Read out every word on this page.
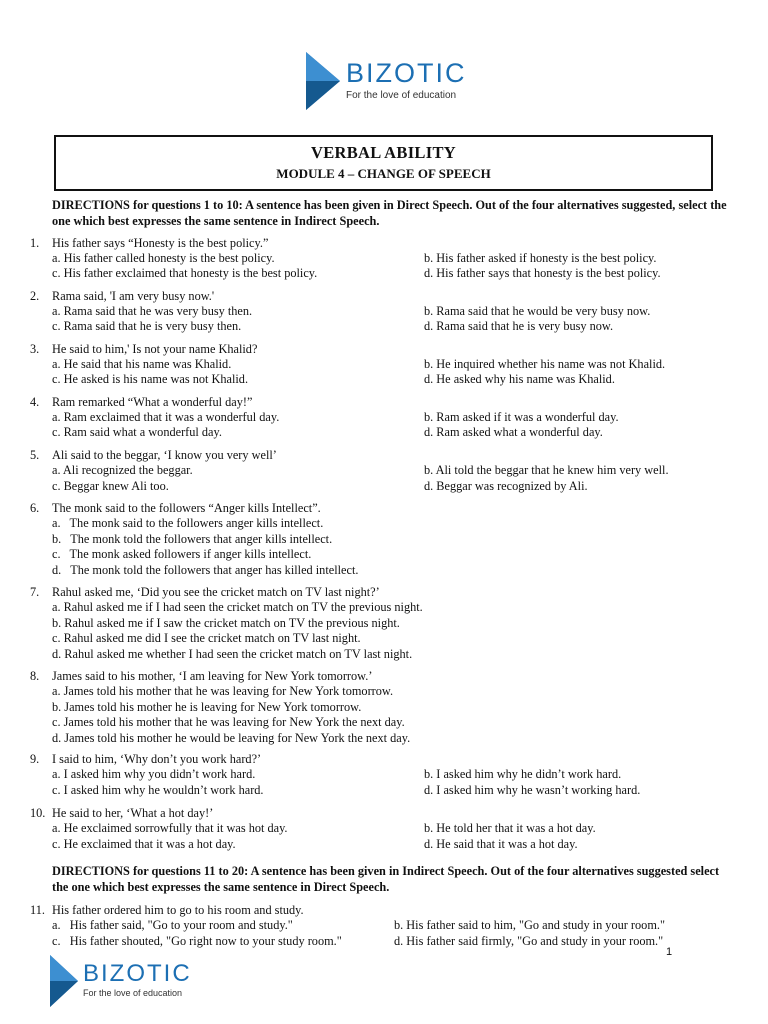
BIZOTIC
For the love of education
VERBAL ABILITY
MODULE 4 – CHANGE OF SPEECH
DIRECTIONS for questions 1 to 10: A sentence has been given in Direct Speech. Out of the four alternatives suggested, select the one which best expresses the same sentence in Indirect Speech.
1.	His father says “Honesty is the best policy.”
a. His father called honesty is the best policy.	b. His father asked if honesty is the best policy.
c. His father exclaimed that honesty is the best policy.	d. His father says that honesty is the best policy.
2.	Rama said, 'I am very busy now.'
a. Rama said that he was very busy then.	b. Rama said that he would be very busy now.
c. Rama said that he is very busy then.	d. Rama said that he is very busy now.
3.	He said to him,' Is not your name Khalid?
a. He said that his name was Khalid.	b. He inquired whether his name was not Khalid.
c. He asked is his name was not Khalid.	d. He asked why his name was Khalid.
4.	Ram remarked “What a wonderful day!”
a. Ram exclaimed that it was a wonderful day.	b. Ram asked if it was a wonderful day.
c. Ram said what a wonderful day.	d. Ram asked what a wonderful day.
5.	Ali said to the beggar, ‘I know you very well’
a. Ali recognized the beggar.	b. Ali told the beggar that he knew him very well.
c. Beggar knew Ali too.	d. Beggar was recognized by Ali.
6.	The monk said to the followers “Anger kills Intellect”.
a.   The monk said to the followers anger kills intellect.
b.   The monk told the followers that anger kills intellect.
c.   The monk asked followers if anger kills intellect.
d.   The monk told the followers that anger has killed intellect.
7.	Rahul asked me, ‘Did you see the cricket match on TV last night?’
a. Rahul asked me if I had seen the cricket match on TV the previous night.
b. Rahul asked me if I saw the cricket match on TV the previous night.
c. Rahul asked me did I see the cricket match on TV last night.
d. Rahul asked me whether I had seen the cricket match on TV last night.
8.	James said to his mother, ‘I am leaving for New York tomorrow.’
a. James told his mother that he was leaving for New York tomorrow.
b. James told his mother he is leaving for New York tomorrow.
c. James told his mother that he was leaving for New York the next day.
d. James told his mother he would be leaving for New York the next day.
9.	I said to him, ‘Why don’t you work hard?’
a. I asked him why you didn’t work hard.	b. I asked him why he didn’t work hard.
c. I asked him why he wouldn’t work hard.	d. I asked him why he wasn’t working hard.
10. He said to her, ‘What a hot day!’
a. He exclaimed sorrowfully that it was hot day.	b. He told her that it was a hot day.
c. He exclaimed that it was a hot day.	d. He said that it was a hot day.
DIRECTIONS for questions 11 to 20: A sentence has been given in Indirect Speech. Out of the four alternatives suggested select the one which best expresses the same sentence in Direct Speech.
11. His father ordered him to go to his room and study.
a.   His father said, "Go to your room and study."	b. His father said to him, "Go and study in your room."
c.   His father shouted, "Go right now to your study room."	d. His father said firmly, "Go and study in your room."
1
BIZOTIC
For the love of education
